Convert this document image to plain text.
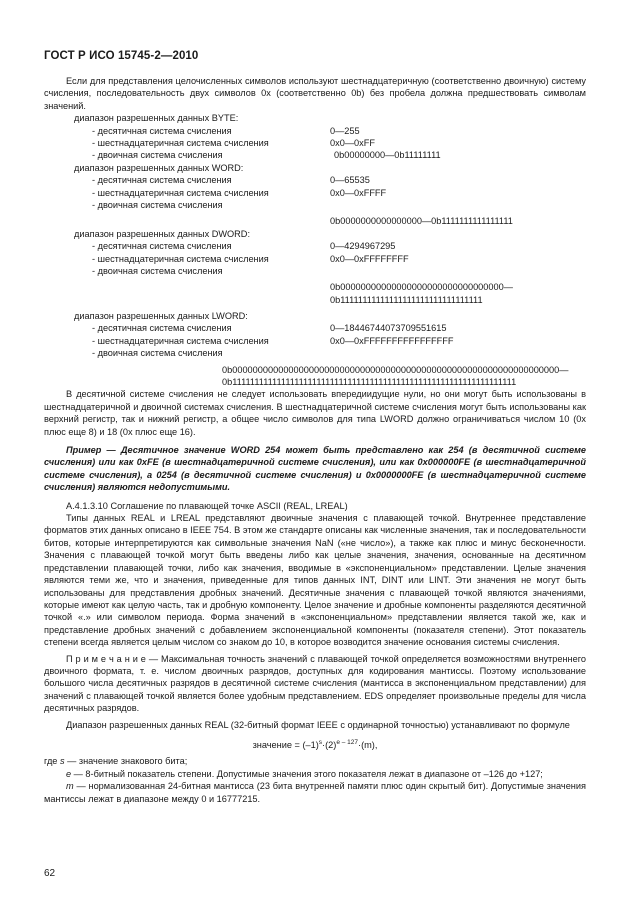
ГОСТ Р ИСО 15745-2—2010

Если для представления целочисленных символов используют шестнадцатеричную (соответственно двоичную) систему счисления, последовательность двух символов 0x (соответственно 0b) без пробела должна предшествовать символам значений.

диапазон разрешенных данных BYTE:
- десятичная система счисления	0—255
- шестнадцатеричная система счисления	0x0—0xFF
- двоичная система счисления	0b00000000—0b11111111
диапазон разрешенных данных WORD:
- десятичная система счисления	0—65535
- шестнадцатеричная система счисления	0x0—0xFFFF
- двоичная система счисления
0b0000000000000000—0b1111111111111111
диапазон разрешенных данных DWORD:
- десятичная система счисления	0—4294967295
- шестнадцатеричная система счисления	0x0—0xFFFFFFFF
- двоичная система счисления
0b00000000000000000000000000000000—
0b11111111111111111111111111111111
диапазон разрешенных данных LWORD:
- десятичная система счисления	0—18446744073709551615
- шестнадцатеричная система счисления	0x0—0xFFFFFFFFFFFFFFFF
- двоичная система счисления
0b0000000000000000000000000000000000000000000000000000000000000000—
0b1111111111111111111111111111111111111111111111111111111111111111

В десятичной системе счисления не следует использовать впередиидущие нули, но они могут быть использованы в шестнадцатеричной и двоичной системах счисления. В шестнадцатеричной системе счисления могут быть использованы как верхний регистр, так и нижний регистр, а общее число символов для типа LWORD должно ограничиваться числом 10 (0x плюс еще 8) и 18 (0x плюс еще 16).

Пример — Десятичное значение WORD 254 может быть представлено как 254 (в десятичной системе счисления) или как 0xFE (в шестнадцатеричной системе счисления), или как 0x000000FE (в шестнадцатеричной системе счисления), а 0254 (в десятичной системе счисления) и 0x0000000FE (в шестнадцатеричной системе счисления) являются недопустимыми.

A.4.1.3.10 Соглашение по плавающей точке ASCII (REAL, LREAL)

Типы данных REAL и LREAL представляют двоичные значения с плавающей точкой. Внутреннее представление форматов этих данных описано в IEEE 754. В этом же стандарте описаны как численные значения, так и последовательности битов, которые интерпретируются как символьные значения NaN («не число»), а также как плюс и минус бесконечности. Значения с плавающей точкой могут быть введены либо как целые значения, значения, основанные на десятичном представлении плавающей точки, либо как значения, вводимые в «экспоненциальном» представлении. Целые значения являются теми же, что и значения, приведенные для типов данных INT, DINT или LINT. Эти значения не могут быть использованы для представления дробных значений. Десятичные значения с плавающей точкой являются значениями, которые имеют как целую часть, так и дробную компоненту. Целое значение и дробные компоненты разделяются десятичной точкой «.» или символом периода. Форма значений в «экспоненциальном» представлении является такой же, как и представление дробных значений с добавлением экспоненциальной компоненты (показателя степени). Этот показатель степени всегда является целым числом со знаком до 10, в которое возводится значение основания системы счисления.

П р и м е ч а н и е — Максимальная точность значений с плавающей точкой определяется возможностями внутреннего двоичного формата, т. е. числом двоичных разрядов, доступных для кодирования мантиссы. Поэтому использование большого числа десятичных разрядов в десятичной системе счисления (мантисса в экспоненциальном представлении) для значений с плавающей точкой является более удобным представлением. EDS определяет произвольные пределы для числа десятичных разрядов.

Диапазон разрешенных данных REAL (32-битный формат IEEE с ординарной точностью) устанавливают по формуле

значение = $(-1)^s\cdot(2)^{e - 127}\cdot(m)$,

где s — значение знакового бита;

e — 8-битный показатель степени. Допустимые значения этого показателя лежат в диапазоне от –126 до +127;

m — нормализованная 24-битная мантисса (23 бита внутренней памяти плюс один скрытый бит). Допустимые значения мантиссы лежат в диапазоне между 0 и 16777215.

62
